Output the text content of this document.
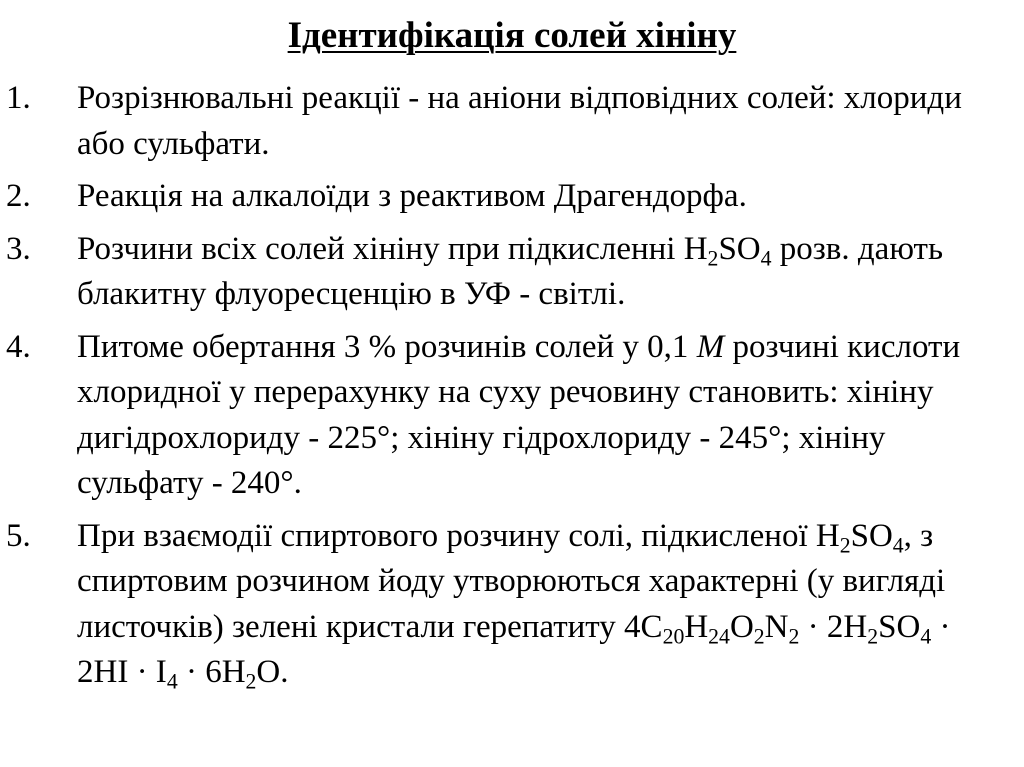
Ідентифікація солей хініну
1. Розрізнювальні реакції - на аніони відповідних солей: хлориди або сульфати.
2. Реакція на алкалоїди з реактивом Драгендорфа.
3. Розчини всіх солей хініну при підкисленні $H_2SO_4$ розв. дають блакитну флуоресценцію в УФ - світлі.
4. Питоме обертання 3 % розчинів солей у 0,1 M розчині кислоти хлоридної у перерахунку на суху речовину становить: хініну дигідрохлориду - 225°; хініну гідрохлориду - 245°; хініну сульфату - 240°.
5. При взаємодії спиртового розчину солі, підкисленої $H_2SO_4$, з спиртовим розчином йоду утворюються характерні (у вигляді листочків) зелені кристали герепатиту $4C_{20}H_{24}O_2N_2 \cdot 2H_2SO_4 \cdot 2HI \cdot I_4 \cdot 6H_2O$.
